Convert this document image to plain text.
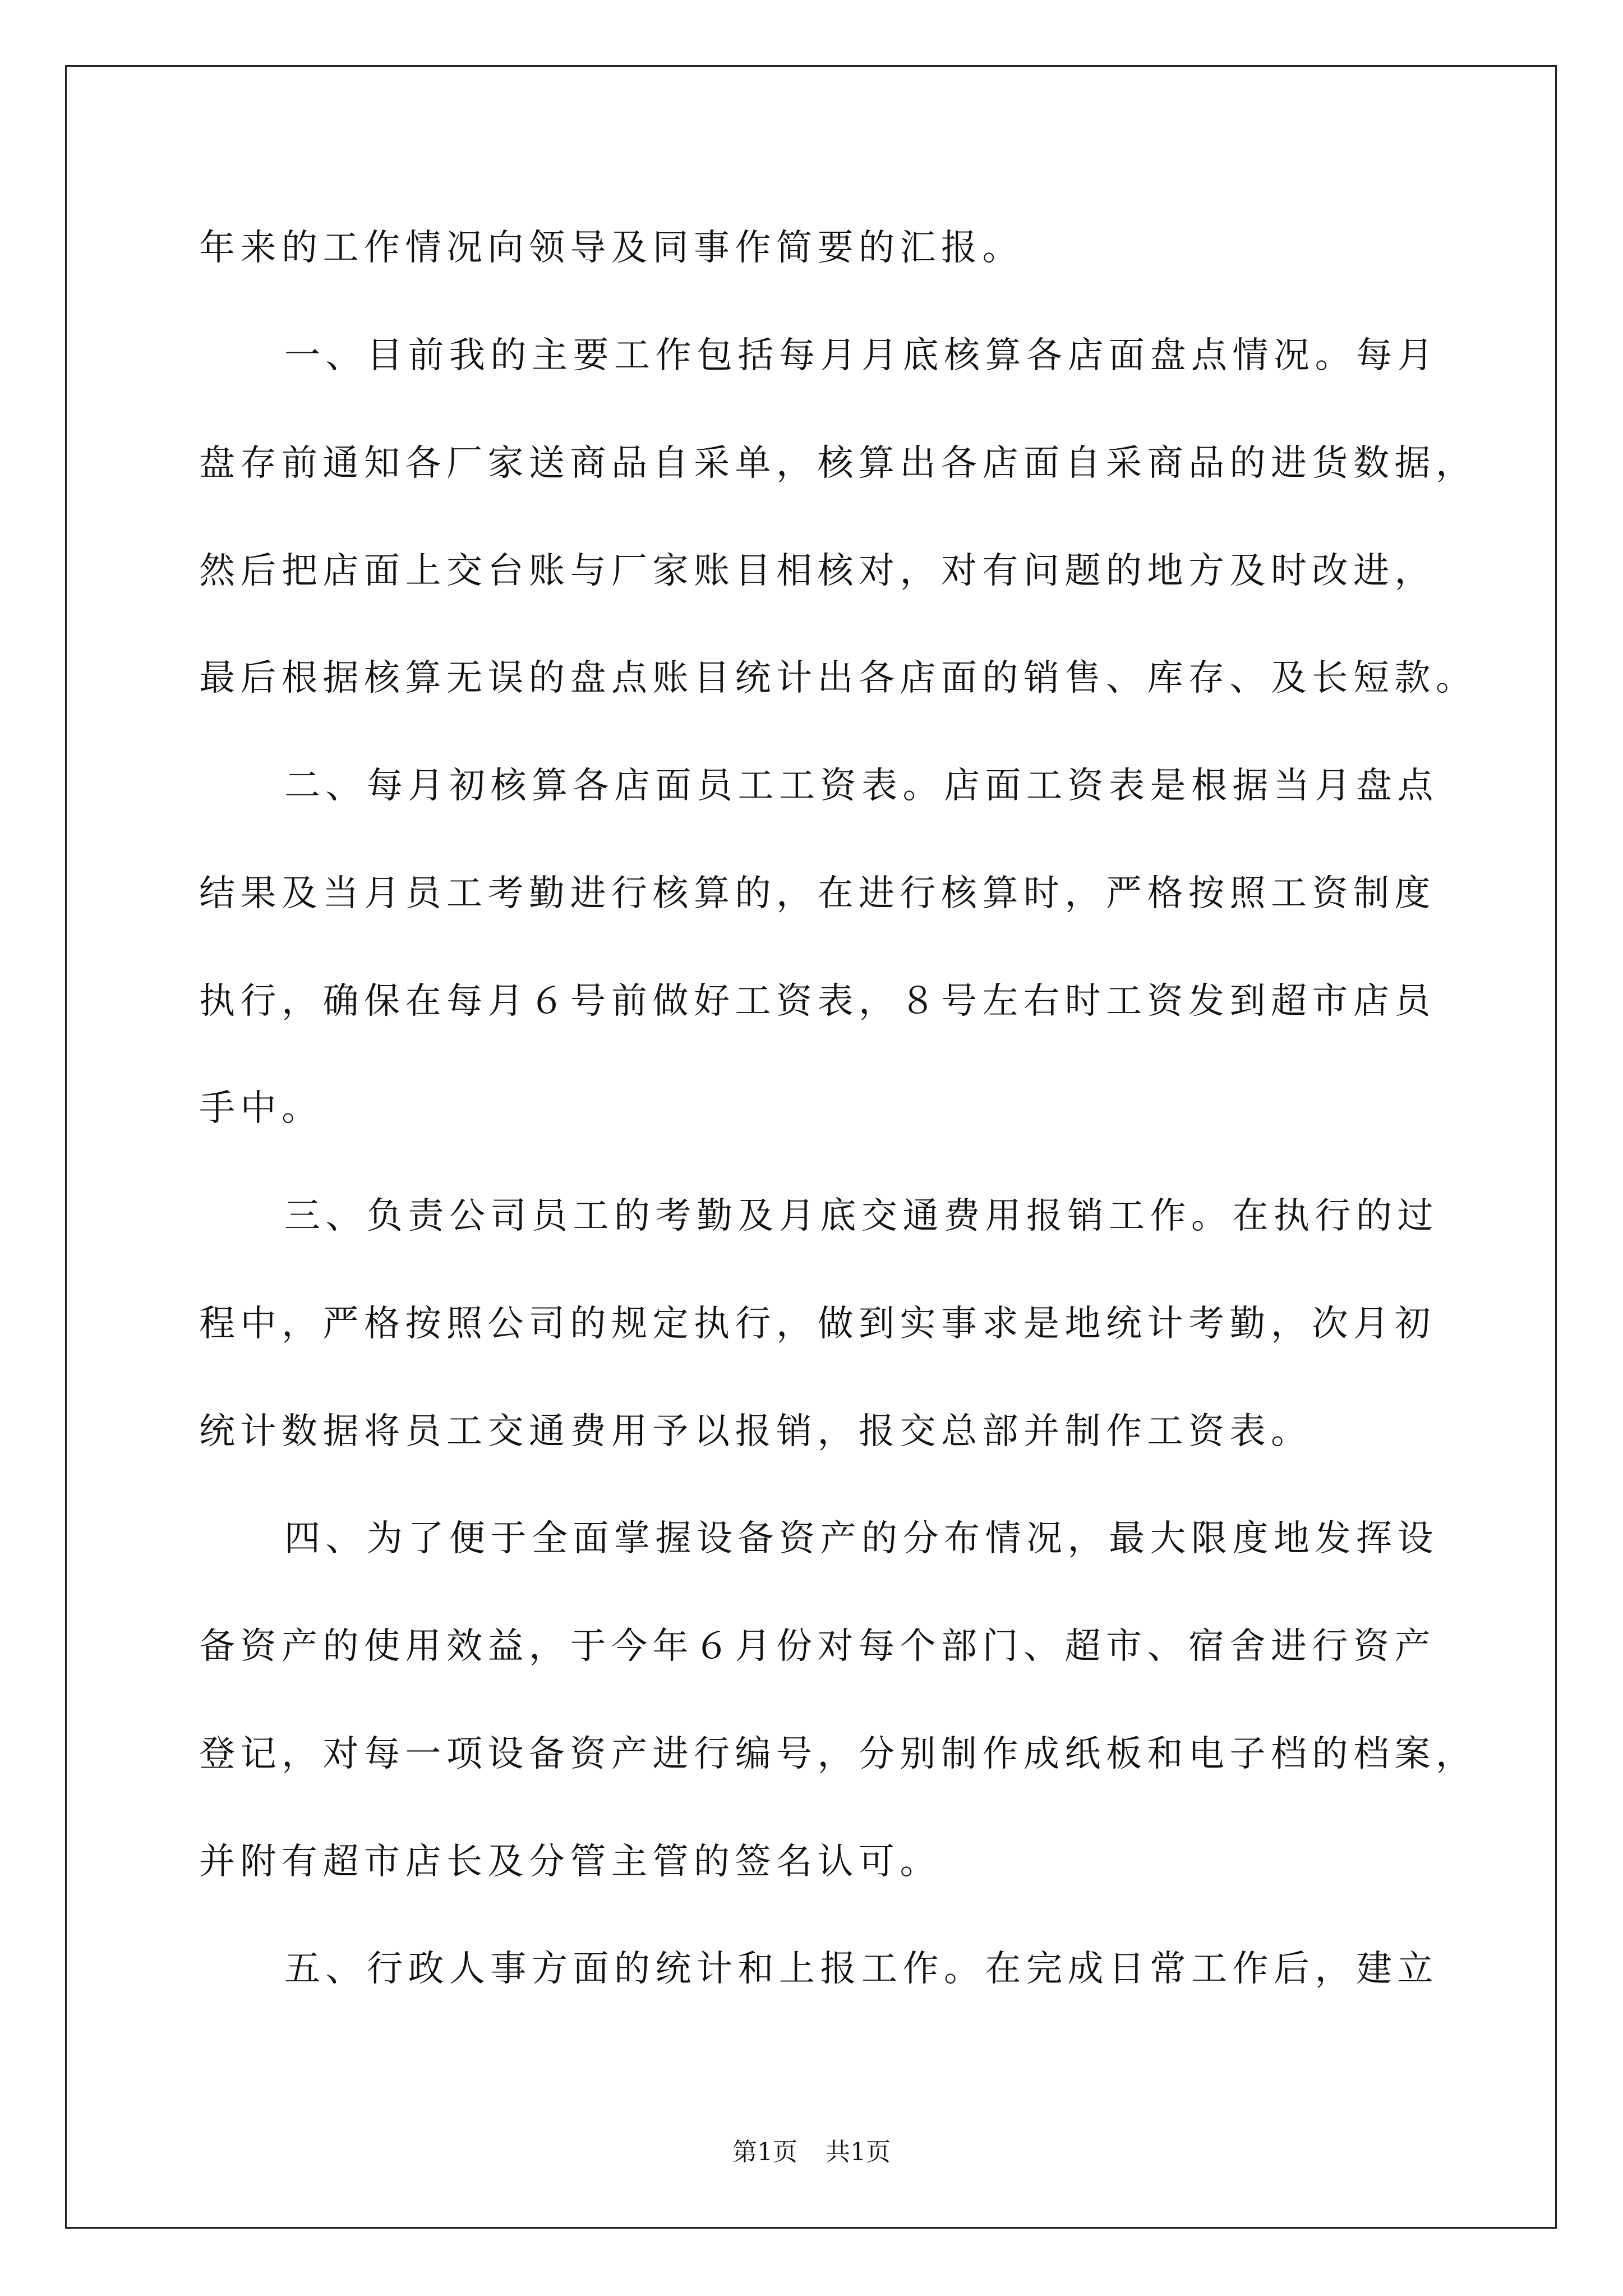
年来的工作情况向领导及同事作简要的汇报。
一、目前我的主要工作包括每月月底核算各店面盘点情况。每月
盘存前通知各厂家送商品自采单，核算出各店面自采商品的进货数据，
然后把店面上交台账与厂家账目相核对，对有问题的地方及时改进，
最后根据核算无误的盘点账目统计出各店面的销售、库存、及长短款。
二、每月初核算各店面员工工资表。店面工资表是根据当月盘点
结果及当月员工考勤进行核算的，在进行核算时，严格按照工资制度
执行，确保在每月６号前做好工资表，８号左右时工资发到超市店员
手中。
三、负责公司员工的考勤及月底交通费用报销工作。在执行的过
程中，严格按照公司的规定执行，做到实事求是地统计考勤，次月初
统计数据将员工交通费用予以报销，报交总部并制作工资表。
四、为了便于全面掌握设备资产的分布情况，最大限度地发挥设
备资产的使用效益，于今年６月份对每个部门、超市、宿舍进行资产
登记，对每一项设备资产进行编号，分别制作成纸板和电子档的档案，
并附有超市店长及分管主管的签名认可。
五、行政人事方面的统计和上报工作。在完成日常工作后，建立
第1页 共1页
